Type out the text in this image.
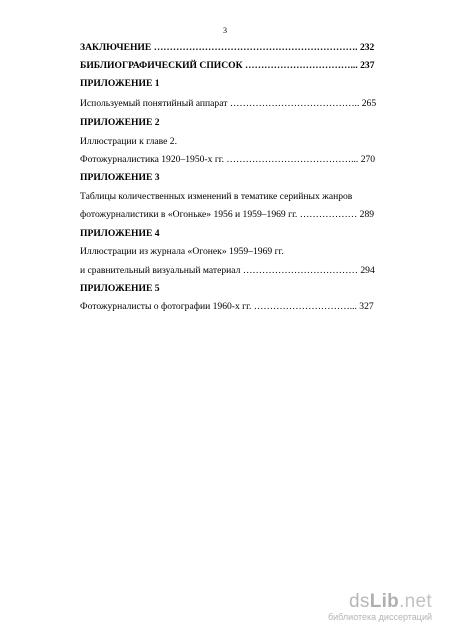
3
ЗАКЛЮЧЕНИЕ ………………………………………………………. 232
БИБЛИОГРАФИЧЕСКИЙ СПИСОК ……………………………... 237
ПРИЛОЖЕНИЕ 1
Используемый понятийный аппарат ………………………………….. 265
ПРИЛОЖЕНИЕ 2
Иллюстрации к главе 2.
Фотожурналистика 1920–1950-х гг. …………………………………... 270
ПРИЛОЖЕНИЕ 3
Таблицы количественных изменений в тематике серийных жанров
фотожурналистики в «Огоньке» 1956 и 1959–1969 гг. ……………… 289
ПРИЛОЖЕНИЕ 4
Иллюстрации из журнала «Огонек» 1959–1969 гг.
и сравнительный визуальный материал ……………………………… 294
ПРИЛОЖЕНИЕ 5
Фотожурналисты о фотографии 1960-х гг. …………………………... 327
dsLib.net
библиотека диссертаций
